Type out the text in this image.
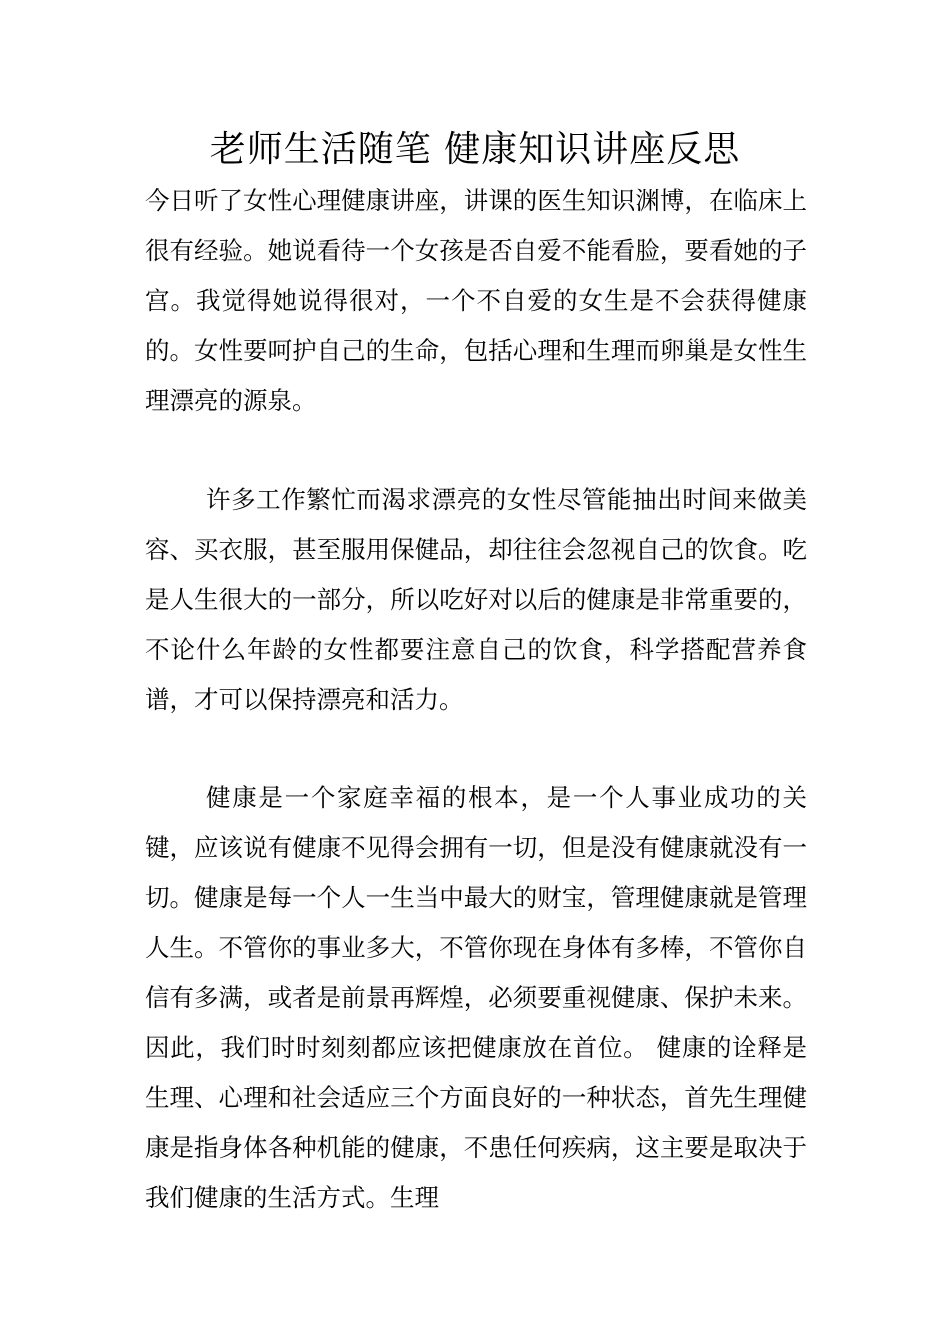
老师生活随笔 健康知识讲座反思

今日听了女性心理健康讲座，讲课的医生知识渊博，在临床上很有经验。她说看待一个女孩是否自爱不能看脸，要看她的子宫。我觉得她说得很对，一个不自爱的女生是不会获得健康的。女性要呵护自己的生命，包括心理和生理而卵巢是女性生理漂亮的源泉。

许多工作繁忙而渴求漂亮的女性尽管能抽出时间来做美容、买衣服，甚至服用保健品，却往往会忽视自己的饮食。吃是人生很大的一部分，所以吃好对以后的健康是非常重要的，不论什么年龄的女性都要注意自己的饮食，科学搭配营养食谱，才可以保持漂亮和活力。

健康是一个家庭幸福的根本，是一个人事业成功的关键，应该说有健康不见得会拥有一切，但是没有健康就没有一切。健康是每一个人一生当中最大的财宝，管理健康就是管理人生。不管你的事业多大，不管你现在身体有多棒，不管你自信有多满，或者是前景再辉煌，必须要重视健康、保护未来。因此，我们时时刻刻都应该把健康放在首位。 健康的诠释是生理、心理和社会适应三个方面良好的一种状态，首先生理健康是指身体各种机能的健康，不患任何疾病，这主要是取决于我们健康的生活方式。生理
